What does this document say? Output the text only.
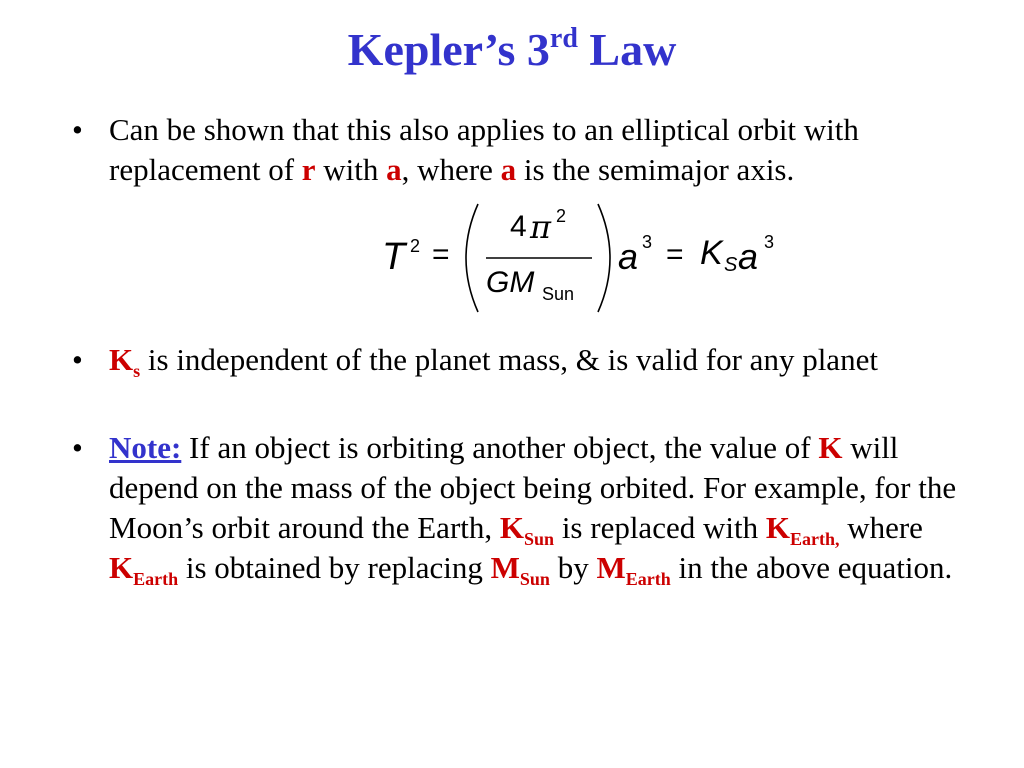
Kepler’s 3rd Law
• Can be shown that this also applies to an elliptical orbit with replacement of r with a, where a is the semimajor axis.
T 2 =
4 π 2
GM Sun
a 3 = K S a 3
• $K_s$ is independent of the planet mass, & is valid for any planet
• Note: If an object is orbiting another object, the value of K will depend on the mass of the object being orbited. For example, for the Moon’s orbit around the Earth, $K_{Sun}$ is replaced with $K_{Earth,}$ where $K_{Earth}$ is obtained by replacing $M_{Sun}$ by $M_{Earth}$ in the above equation.
